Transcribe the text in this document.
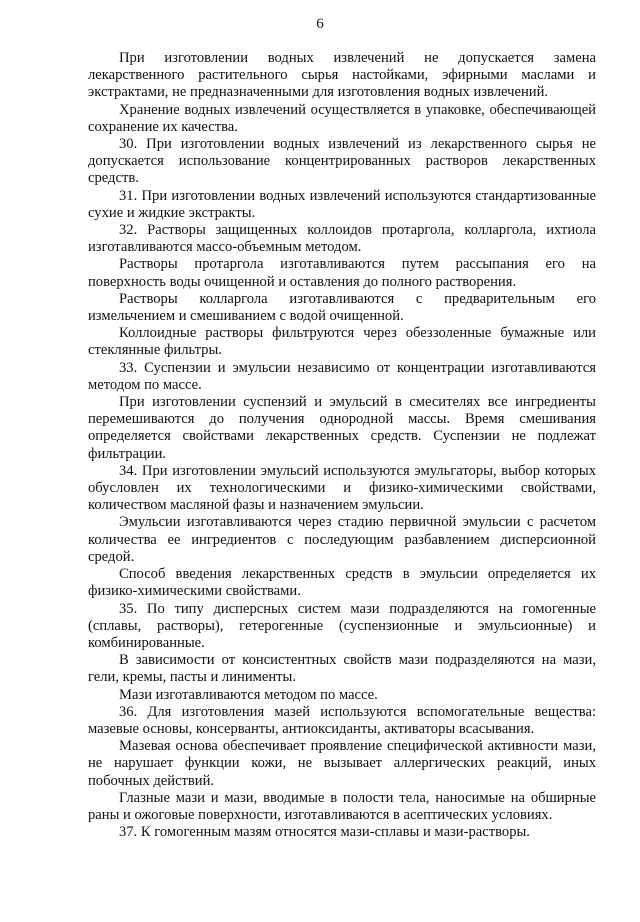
6

При изготовлении водных извлечений не допускается замена лекарственного растительного сырья настойками, эфирными маслами и экстрактами, не предназначенными для изготовления водных извлечений.

Хранение водных извлечений осуществляется в упаковке, обеспечивающей сохранение их качества.

30. При изготовлении водных извлечений из лекарственного сырья не допускается использование концентрированных растворов лекарственных средств.

31. При изготовлении водных извлечений используются стандартизованные сухие и жидкие экстракты.

32. Растворы защищенных коллоидов протаргола, колларгола, ихтиола изготавливаются массо-объемным методом.

Растворы протаргола изготавливаются путем рассыпания его на поверхность воды очищенной и оставления до полного растворения.

Растворы колларгола изготавливаются с предварительным его измельчением и смешиванием с водой очищенной.

Коллоидные растворы фильтруются через обеззоленные бумажные или стеклянные фильтры.

33. Суспензии и эмульсии независимо от концентрации изготавливаются методом по массе.

При изготовлении суспензий и эмульсий в смесителях все ингредиенты перемешиваются до получения однородной массы. Время смешивания определяется свойствами лекарственных средств. Суспензии не подлежат фильтрации.

34. При изготовлении эмульсий используются эмульгаторы, выбор которых обусловлен их технологическими и физико-химическими свойствами, количеством масляной фазы и назначением эмульсии.

Эмульсии изготавливаются через стадию первичной эмульсии с расчетом количества ее ингредиентов с последующим разбавлением дисперсионной средой.

Способ введения лекарственных средств в эмульсии определяется их физико-химическими свойствами.

35. По типу дисперсных систем мази подразделяются на гомогенные (сплавы, растворы), гетерогенные (суспензионные и эмульсионные) и комбинированные.

В зависимости от консистентных свойств мази подразделяются на мази, гели, кремы, пасты и линименты.

Мази изготавливаются методом по массе.

36. Для изготовления мазей используются вспомогательные вещества: мазевые основы, консерванты, антиоксиданты, активаторы всасывания.

Мазевая основа обеспечивает проявление специфической активности мази, не нарушает функции кожи, не вызывает аллергических реакций, иных побочных действий.

Глазные мази и мази, вводимые в полости тела, наносимые на обширные раны и ожоговые поверхности, изготавливаются в асептических условиях.

37. К гомогенным мазям относятся мази-сплавы и мази-растворы.
